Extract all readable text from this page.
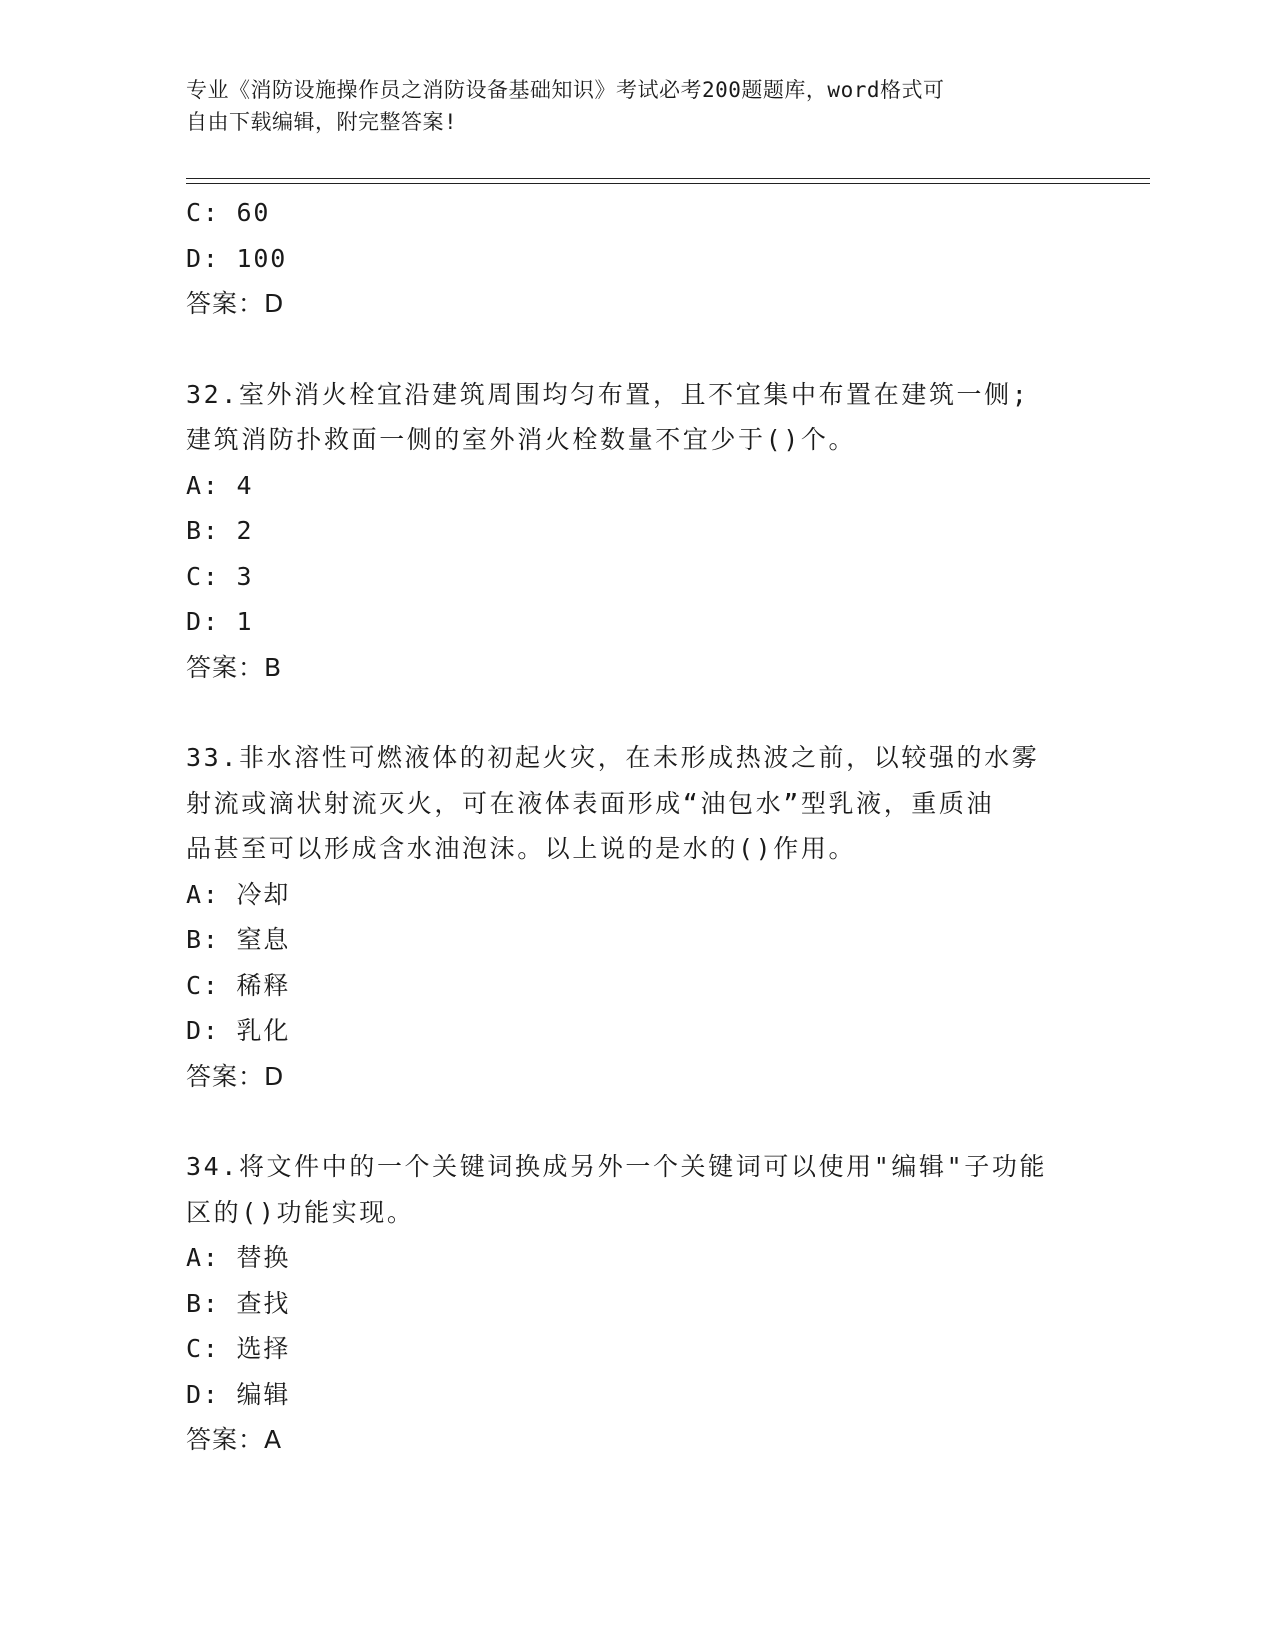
专业《消防设施操作员之消防设备基础知识》考试必考200题题库，word格式可
自由下载编辑，附完整答案!
C: 60
D: 100
答案：D
32.室外消火栓宜沿建筑周围均匀布置，且不宜集中布置在建筑一侧;
建筑消防扑救面一侧的室外消火栓数量不宜少于()个。
A: 4
B: 2
C: 3
D: 1
答案：B
33.非水溶性可燃液体的初起火灾，在未形成热波之前，以较强的水雾
射流或滴状射流灭火，可在液体表面形成“油包水”型乳液，重质油
品甚至可以形成含水油泡沫。以上说的是水的()作用。
A: 冷却
B: 窒息
C: 稀释
D: 乳化
答案：D
34.将文件中的一个关键词换成另外一个关键词可以使用"编辑"子功能
区的()功能实现。
A: 替换
B: 查找
C: 选择
D: 编辑
答案：A
